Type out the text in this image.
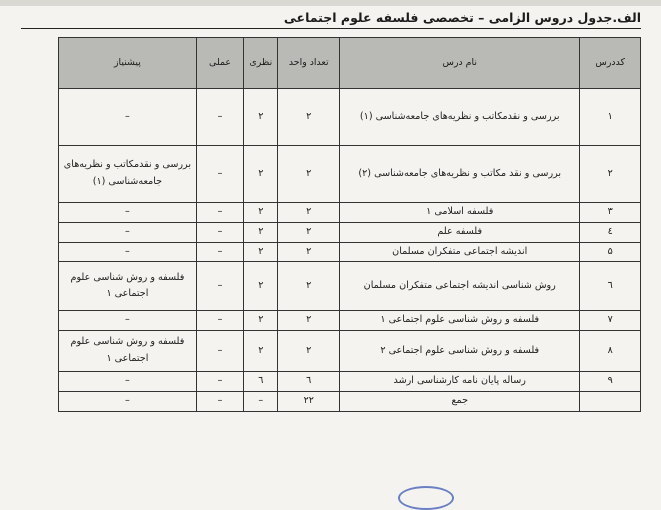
الف.جدول دروس الزامی – تخصصی فلسفه علوم اجتماعی
کددرس	نام درس	تعداد واحد	نظری	عملی	پیشنیاز
۱	بررسی و نقدمکاتب و نظریه‌های جامعه‌شناسی (۱)	۲	۲	–	–
۲	بررسی و نقد مکاتب و نظریه‌های جامعه‌شناسی (۲)	۲	۲	–	بررسی و نقدمکاتب و نظریه‌های جامعه‌شناسی (۱)
۳	فلسفه اسلامی ۱	۲	۲	–	–
٤	فلسفه علم	۲	۲	–	–
۵	اندیشه اجتماعی متفکران مسلمان	۲	۲	–	–
٦	روش شناسی اندیشه اجتماعی متفکران مسلمان	۲	۲	–	فلسفه و روش شناسی علوم اجتماعی ۱
۷	فلسفه و روش شناسی علوم اجتماعی ۱	۲	۲	–	–
۸	فلسفه و روش شناسی علوم اجتماعی ۲	۲	۲	–	فلسفه و روش شناسی علوم اجتماعی ۱
۹	رساله پایان نامه کارشناسی ارشد	٦	٦	–	–
	جمع	۲۲	–	–	–
